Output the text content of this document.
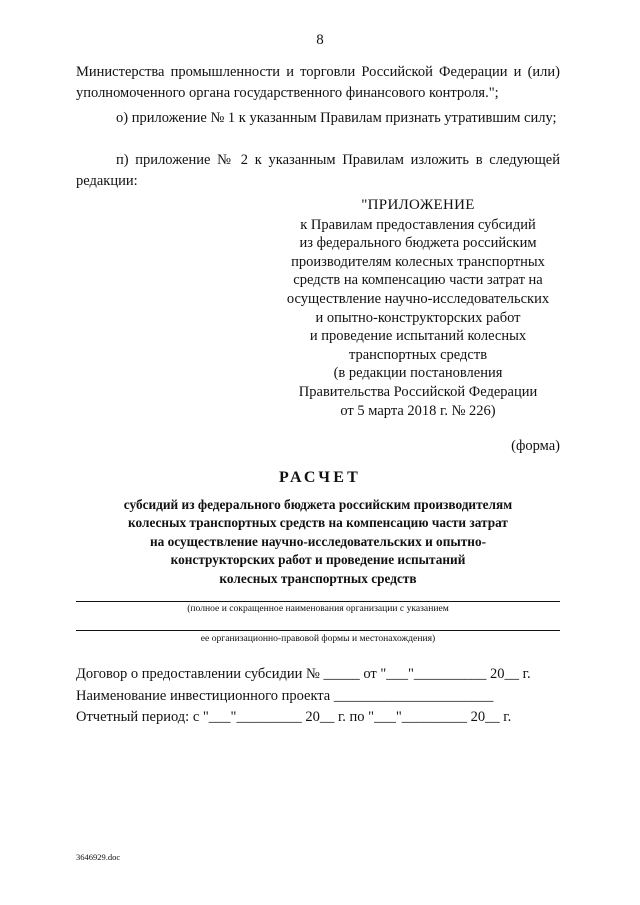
8

Министерства промышленности и торговли Российской Федерации и (или) уполномоченного органа государственного финансового контроля.";

о) приложение № 1 к указанным Правилам признать утратившим силу;

п) приложение № 2 к указанным Правилам изложить в следующей редакции:

"ПРИЛОЖЕНИЕ
к Правилам предоставления субсидий
из федерального бюджета российским
производителям колесных транспортных
средств на компенсацию части затрат на
осуществление научно-исследовательских
и опытно-конструкторских работ
и проведение испытаний колесных
транспортных средств
(в редакции постановления
Правительства Российской Федерации
от 5 марта 2018 г. № 226)
(форма)
РАСЧЕТ
субсидий из федерального бюджета российским производителям
колесных транспортных средств на компенсацию части затрат
на осуществление научно-исследовательских и опытно-
конструкторских работ и проведение испытаний
колесных транспортных средств
(полное и сокращенное наименования организации с указанием
ее организационно-правовой формы и местонахождения)
Договор о предоставлении субсидии № _____ от "___"__________ 20__ г.
Наименование инвестиционного проекта ______________________
Отчетный период: с "___"_________ 20__ г. по "___"_________ 20__ г.
3646929.doc
